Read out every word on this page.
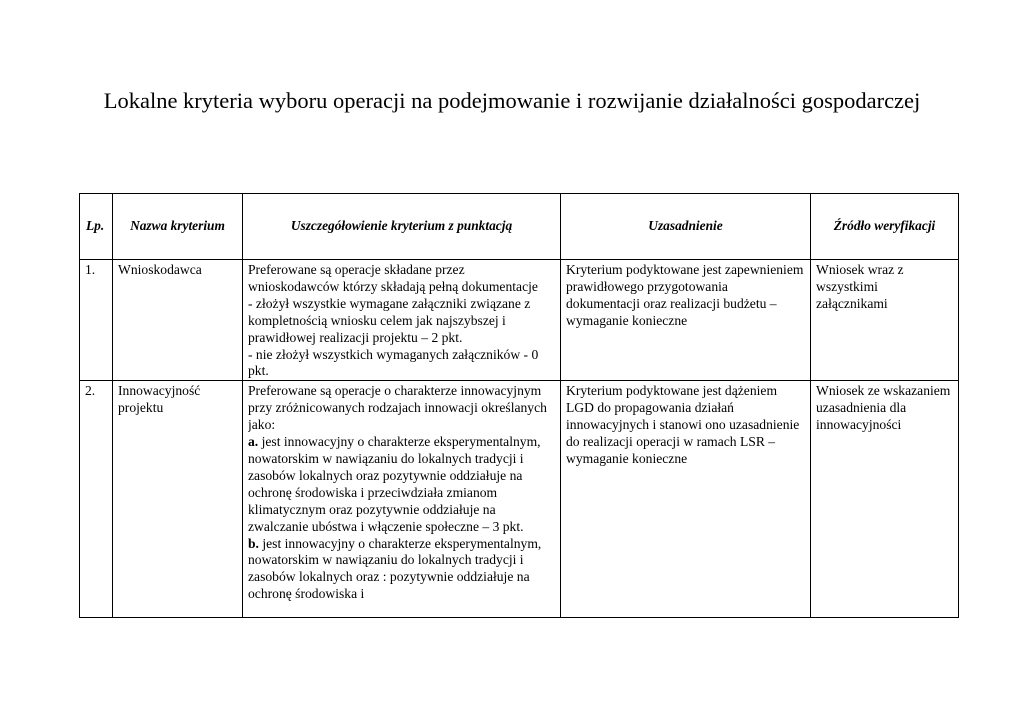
Lokalne kryteria wyboru operacji na podejmowanie i rozwijanie działalności gospodarczej
Lp.	Nazwa kryterium	Uszczegółowienie kryterium z punktacją	Uzasadnienie	Źródło weryfikacji
1.	Wnioskodawca	Preferowane są operacje składane przez wnioskodawców którzy składają pełną dokumentacje
- złożył wszystkie wymagane załączniki związane z kompletnością wniosku celem jak najszybszej i prawidłowej realizacji projektu – 2 pkt.
- nie złożył wszystkich wymaganych załączników - 0 pkt.	Kryterium podyktowane jest zapewnieniem prawidłowego przygotowania dokumentacji oraz realizacji budżetu – wymaganie konieczne	Wniosek wraz z wszystkimi załącznikami
2.	Innowacyjność projektu	Preferowane są operacje o charakterze innowacyjnym przy zróżnicowanych rodzajach innowacji określanych jako:
a. jest innowacyjny o charakterze eksperymentalnym, nowatorskim w nawiązaniu do lokalnych tradycji i zasobów lokalnych oraz pozytywnie oddziałuje na ochronę środowiska i przeciwdziała zmianom klimatycznym oraz pozytywnie oddziałuje na zwalczanie ubóstwa i włączenie społeczne – 3 pkt.
b. jest innowacyjny o charakterze eksperymentalnym, nowatorskim w nawiązaniu do lokalnych tradycji i zasobów lokalnych oraz : pozytywnie oddziałuje na ochronę środowiska i	Kryterium podyktowane jest dążeniem LGD do propagowania działań innowacyjnych i stanowi ono uzasadnienie do realizacji operacji w ramach LSR – wymaganie konieczne	Wniosek ze wskazaniem uzasadnienia dla innowacyjności
